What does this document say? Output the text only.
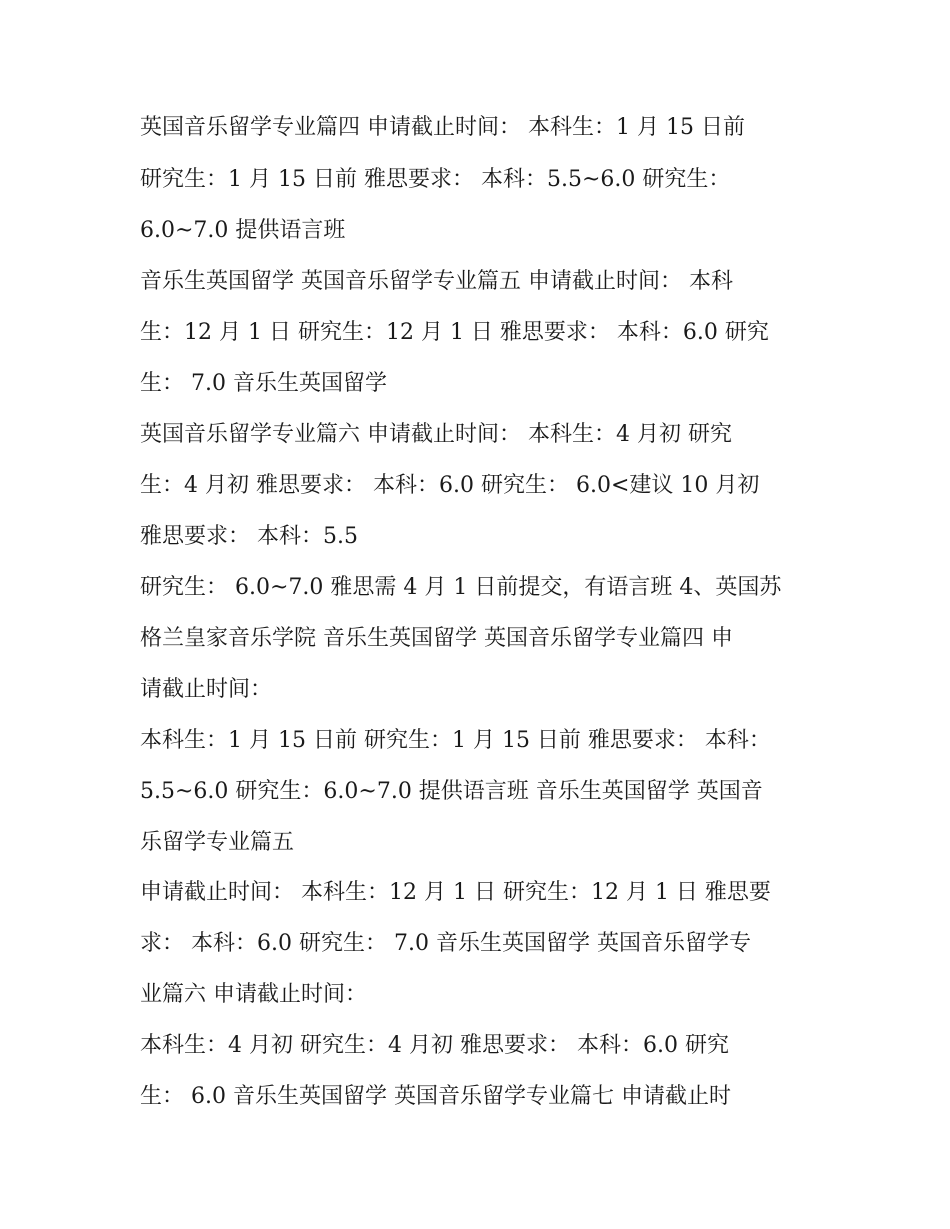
英国音乐留学专业篇四 申请截止时间： 本科生：1 月 15 日前

研究生：1 月 15 日前 雅思要求： 本科：5.5~6.0 研究生：

6.0~7.0 提供语言班

音乐生英国留学 英国音乐留学专业篇五 申请截止时间： 本科

生：12 月 1 日 研究生：12 月 1 日 雅思要求： 本科：6.0 研究

生： 7.0 音乐生英国留学

英国音乐留学专业篇六 申请截止时间： 本科生：4 月初 研究

生：4 月初 雅思要求： 本科：6.0 研究生： 6.0<建议 10 月初

雅思要求： 本科：5.5

研究生： 6.0~7.0 雅思需 4 月 1 日前提交，有语言班 4、英国苏

格兰皇家音乐学院 音乐生英国留学 英国音乐留学专业篇四 申

请截止时间：

本科生：1 月 15 日前 研究生：1 月 15 日前 雅思要求： 本科：

5.5~6.0 研究生：6.0~7.0 提供语言班 音乐生英国留学 英国音

乐留学专业篇五

申请截止时间： 本科生：12 月 1 日 研究生：12 月 1 日 雅思要

求： 本科：6.0 研究生： 7.0 音乐生英国留学 英国音乐留学专

业篇六 申请截止时间：

本科生：4 月初 研究生：4 月初 雅思要求： 本科：6.0 研究

生： 6.0 音乐生英国留学 英国音乐留学专业篇七 申请截止时
